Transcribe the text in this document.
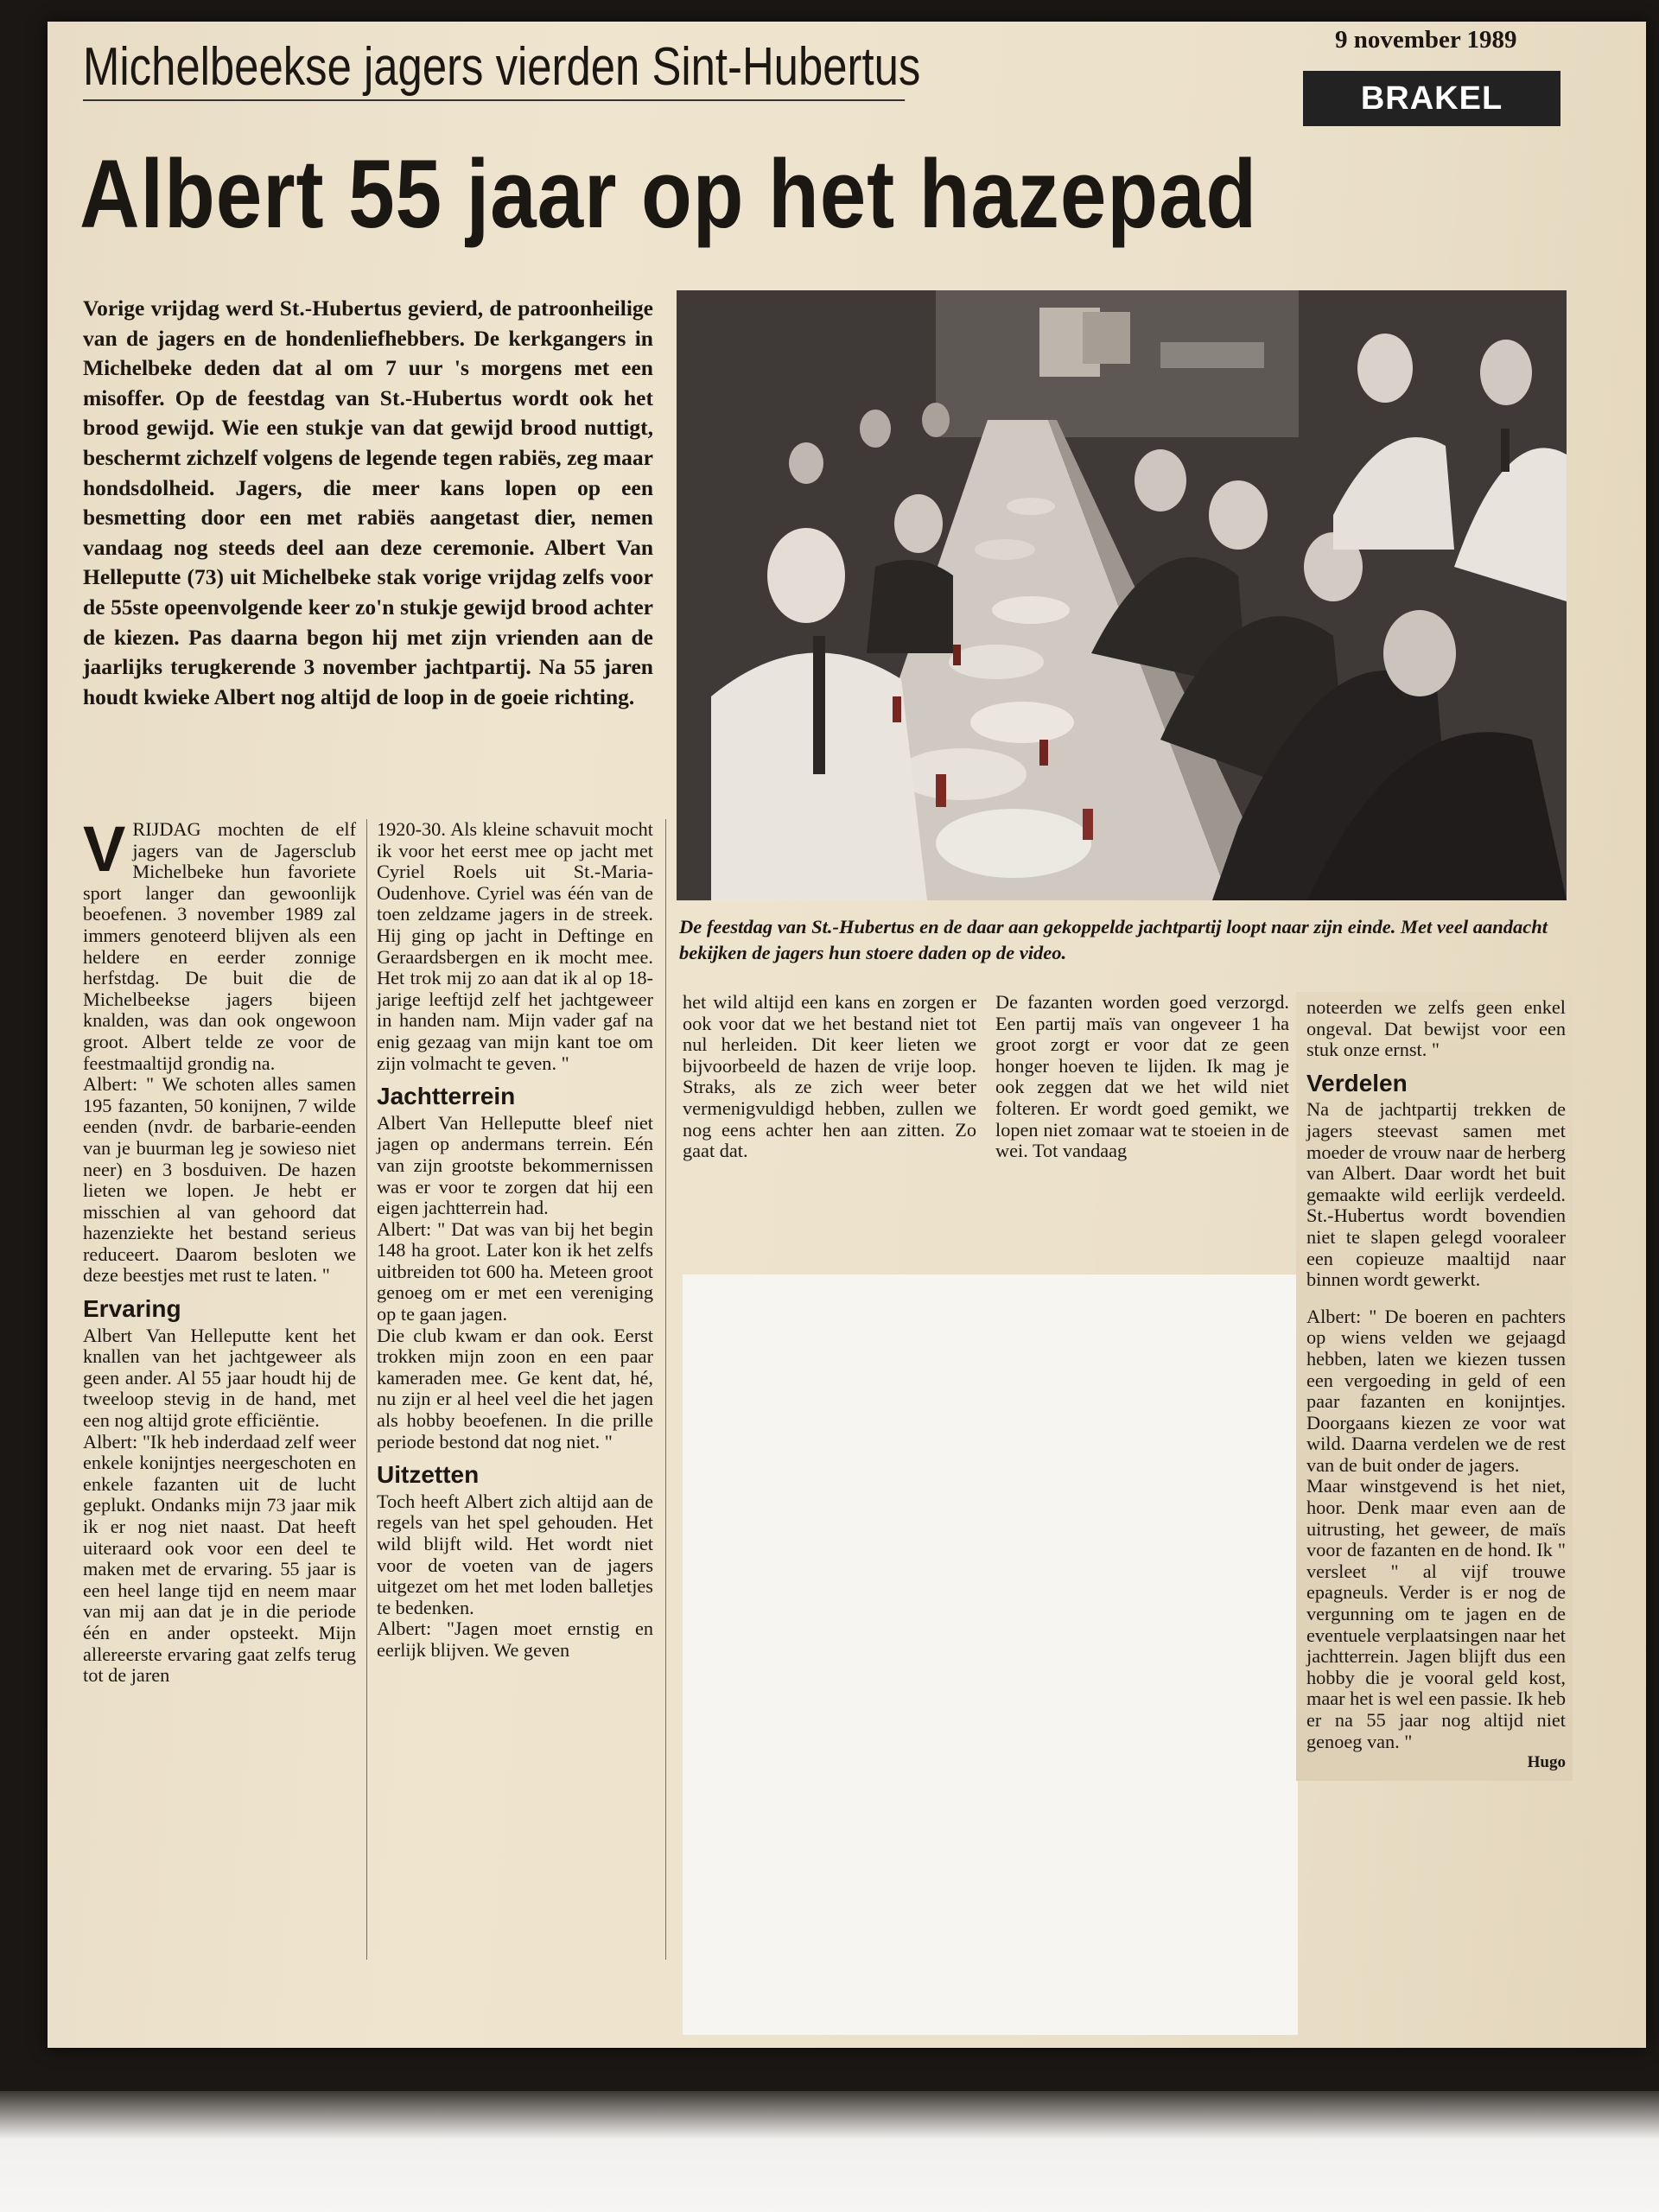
9 november 1989
BRAKEL
Michelbeekse jagers vierden Sint-Hubertus
Albert 55 jaar op het hazepad

Vorige vrijdag werd St.-Hubertus gevierd, de patroonheilige van de jagers en de hondenliefhebbers. De kerkgangers in Michelbeke deden dat al om 7 uur 's morgens met een misoffer. Op de feestdag van St.-Hubertus wordt ook het brood gewijd. Wie een stukje van dat gewijd brood nuttigt, beschermt zichzelf volgens de legende tegen rabiës, zeg maar hondsdolheid. Jagers, die meer kans lopen op een besmetting door een met rabiës aangetast dier, nemen vandaag nog steeds deel aan deze ceremonie. Albert Van Helleputte (73) uit Michelbeke stak vorige vrijdag zelfs voor de 55ste opeenvolgende keer zo'n stukje gewijd brood achter de kiezen. Pas daarna begon hij met zijn vrienden aan de jaarlijks terugkerende 3 november jachtpartij. Na 55 jaren houdt kwieke Albert nog altijd de loop in de goeie richting.

De feestdag van St.-Hubertus en de daar aan gekoppelde jachtpartij loopt naar zijn einde. Met veel aandacht bekijken de jagers hun stoere daden op de video.

V RIJDAG mochten de elf jagers van de Jagersclub Michelbeke hun favoriete sport langer dan gewoonlijk beoefenen. 3 november 1989 zal immers genoteerd blijven als een heldere en eerder zonnige herfstdag. De buit die de Michelbeekse jagers bijeen knalden, was dan ook ongewoon groot. Albert telde ze voor de feestmaaltijd grondig na.

Albert: " We schoten alles samen 195 fazanten, 50 konijnen, 7 wilde eenden (nvdr. de barbarie-eenden van je buurman leg je sowieso niet neer) en 3 bosduiven. De hazen lieten we lopen. Je hebt er misschien al van gehoord dat hazenziekte het bestand serieus reduceert. Daarom besloten we deze beestjes met rust te laten. "

Ervaring

Albert Van Helleputte kent het knallen van het jachtgeweer als geen ander. Al 55 jaar houdt hij de tweeloop stevig in de hand, met een nog altijd grote efficiëntie.

Albert: "Ik heb inderdaad zelf weer enkele konijntjes neergeschoten en enkele fazanten uit de lucht geplukt. Ondanks mijn 73 jaar mik ik er nog niet naast. Dat heeft uiteraard ook voor een deel te maken met de ervaring. 55 jaar is een heel lange tijd en neem maar van mij aan dat je in die periode één en ander opsteekt. Mijn allereerste ervaring gaat zelfs terug tot de jaren

1920-30. Als kleine schavuit mocht ik voor het eerst mee op jacht met Cyriel Roels uit St.-Maria-Oudenhove. Cyriel was één van de toen zeldzame jagers in de streek. Hij ging op jacht in Deftinge en Geraardsbergen en ik mocht mee. Het trok mij zo aan dat ik al op 18-jarige leeftijd zelf het jachtgeweer in handen nam. Mijn vader gaf na enig gezaag van mijn kant toe om zijn volmacht te geven. "

Jachtterrein

Albert Van Helleputte bleef niet jagen op andermans terrein. Eén van zijn grootste bekommernissen was er voor te zorgen dat hij een eigen jachtterrein had.

Albert: " Dat was van bij het begin 148 ha groot. Later kon ik het zelfs uitbreiden tot 600 ha. Meteen groot genoeg om er met een vereniging op te gaan jagen.

Die club kwam er dan ook. Eerst trokken mijn zoon en een paar kameraden mee. Ge kent dat, hé, nu zijn er al heel veel die het jagen als hobby beoefenen. In die prille periode bestond dat nog niet. "

Uitzetten

Toch heeft Albert zich altijd aan de regels van het spel gehouden. Het wild blijft wild. Het wordt niet voor de voeten van de jagers uitgezet om het met loden balletjes te bedenken.

Albert: "Jagen moet ernstig en eerlijk blijven. We geven

het wild altijd een kans en zorgen er ook voor dat we het bestand niet tot nul herleiden. Dit keer lieten we bijvoorbeeld de hazen de vrije loop. Straks, als ze zich weer beter vermenigvuldigd hebben, zullen we nog eens achter hen aan zitten. Zo gaat dat.

De fazanten worden goed verzorgd. Een partij maïs van ongeveer 1 ha groot zorgt er voor dat ze geen honger hoeven te lijden. Ik mag je ook zeggen dat we het wild niet folteren. Er wordt goed gemikt, we lopen niet zomaar wat te stoeien in de wei. Tot vandaag

noteerden we zelfs geen enkel ongeval. Dat bewijst voor een stuk onze ernst. "

Verdelen

Na de jachtpartij trekken de jagers steevast samen met moeder de vrouw naar de herberg van Albert. Daar wordt het buit gemaakte wild eerlijk verdeeld. St.-Hubertus wordt bovendien niet te slapen gelegd vooraleer een copieuze maaltijd naar binnen wordt gewerkt.

Albert: " De boeren en pachters op wiens velden we gejaagd hebben, laten we kiezen tussen een vergoeding in geld of een paar fazanten en konijntjes. Doorgaans kiezen ze voor wat wild. Daarna verdelen we de rest van de buit onder de jagers.

Maar winstgevend is het niet, hoor. Denk maar even aan de uitrusting, het geweer, de maïs voor de fazanten en de hond. Ik " versleet " al vijf trouwe epagneuls. Verder is er nog de vergunning om te jagen en de eventuele verplaatsingen naar het jachtterrein. Jagen blijft dus een hobby die je vooral geld kost, maar het is wel een passie. Ik heb er na 55 jaar nog altijd niet genoeg van. "

Hugo
